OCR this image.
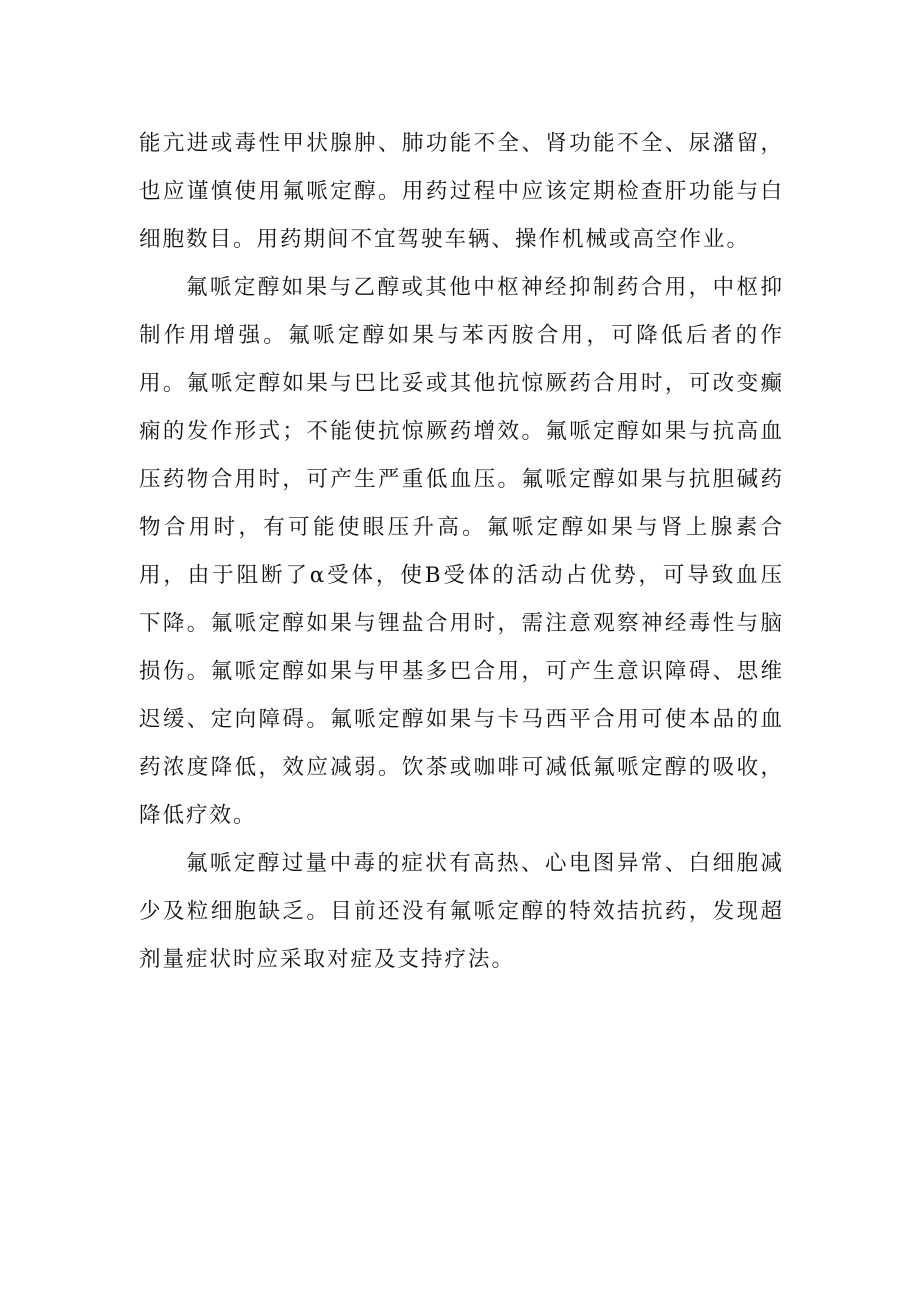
能亢进或毒性甲状腺肿、肺功能不全、肾功能不全、尿潴留，也应谨慎使用氟哌定醇。用药过程中应该定期检查肝功能与白细胞数目。用药期间不宜驾驶车辆、操作机械或高空作业。

氟哌定醇如果与乙醇或其他中枢神经抑制药合用，中枢抑制作用增强。氟哌定醇如果与苯丙胺合用，可降低后者的作用。氟哌定醇如果与巴比妥或其他抗惊厥药合用时，可改变癫痫的发作形式；不能使抗惊厥药增效。氟哌定醇如果与抗高血压药物合用时，可产生严重低血压。氟哌定醇如果与抗胆碱药物合用时，有可能使眼压升高。氟哌定醇如果与肾上腺素合用，由于阻断了α受体，使B受体的活动占优势，可导致血压下降。氟哌定醇如果与锂盐合用时，需注意观察神经毒性与脑损伤。氟哌定醇如果与甲基多巴合用，可产生意识障碍、思维迟缓、定向障碍。氟哌定醇如果与卡马西平合用可使本品的血药浓度降低，效应减弱。饮茶或咖啡可减低氟哌定醇的吸收，降低疗效。

氟哌定醇过量中毒的症状有高热、心电图异常、白细胞减少及粒细胞缺乏。目前还没有氟哌定醇的特效拮抗药，发现超剂量症状时应采取对症及支持疗法。
